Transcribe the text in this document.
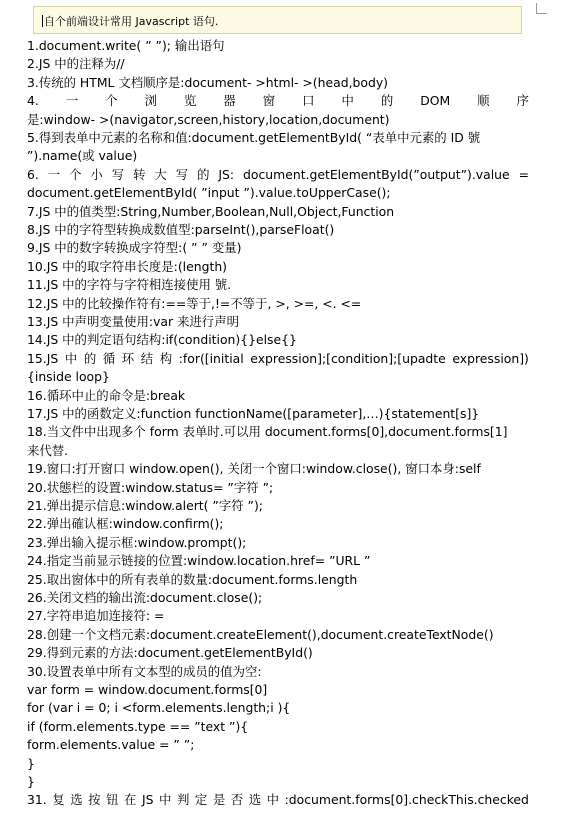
自个前端设计常用 Javascript 语句.
1.document.write( ” ”); 输出语句
2.JS 中的注释为//
3.传统的 HTML 文档顺序是:document- >html- >(head,body)
4. 一 个 浏 览 器 窗 口 中 的 DOM 顺 序
是:window- >(navigator,screen,history,location,document)
5.得到表单中元素的名称和值:document.getElementById( “表单中元素的 ID 號
”).name(或 value)
6. 一 个 小 写 转 大 写 的 JS: document.getElementById(”output”).value =
document.getElementById( ”input ”).value.toUpperCase();
7.JS 中的值类型:String,Number,Boolean,Null,Object,Function
8.JS 中的字符型转换成数值型:parseInt(),parseFloat()
9.JS 中的数字转换成字符型:( ” ” 变量)
10.JS 中的取字符串长度是:(length)
11.JS 中的字符与字符相连接使用 號.
12.JS 中的比较操作符有:==等于,!=不等于, >, >=, <. <=
13.JS 中声明变量使用:var 来进行声明
14.JS 中的判定语句结构:if(condition){}else{}
15.JS 中 的 循 环 结 构 :for([initial expression];[condition];[upadte expression])
{inside loop}
16.循环中止的命令是:break
17.JS 中的函数定义:function functionName([parameter],…){statement[s]}
18.当文件中出现多个 form 表单时.可以用 document.forms[0],document.forms[1]
来代替.
19.窗口:打开窗口 window.open(), 关闭一个窗口:window.close(), 窗口本身:self
20.状態栏的设置:window.status= ”字符 ”;
21.弹出提示信息:window.alert( ”字符 ”);
22.弹出確认框:window.confirm();
23.弹出输入提示框:window.prompt();
24.指定当前显示链接的位置:window.location.href= ”URL ”
25.取出窗体中的所有表单的数量:document.forms.length
26.关闭文档的输出流:document.close();
27.字符串追加连接符: =
28.创建一个文档元素:document.createElement(),document.createTextNode()
29.得到元素的方法:document.getElementById()
30.设置表单中所有文本型的成员的值为空:
var form = window.document.forms[0]
for (var i = 0; i <form.elements.length;i ){
if (form.elements.type == ”text ”){
form.elements.value = ” ”;
}
}
31. 复 选 按 钮 在 JS 中 判 定 是 否 选 中 :document.forms[0].checkThis.checked
